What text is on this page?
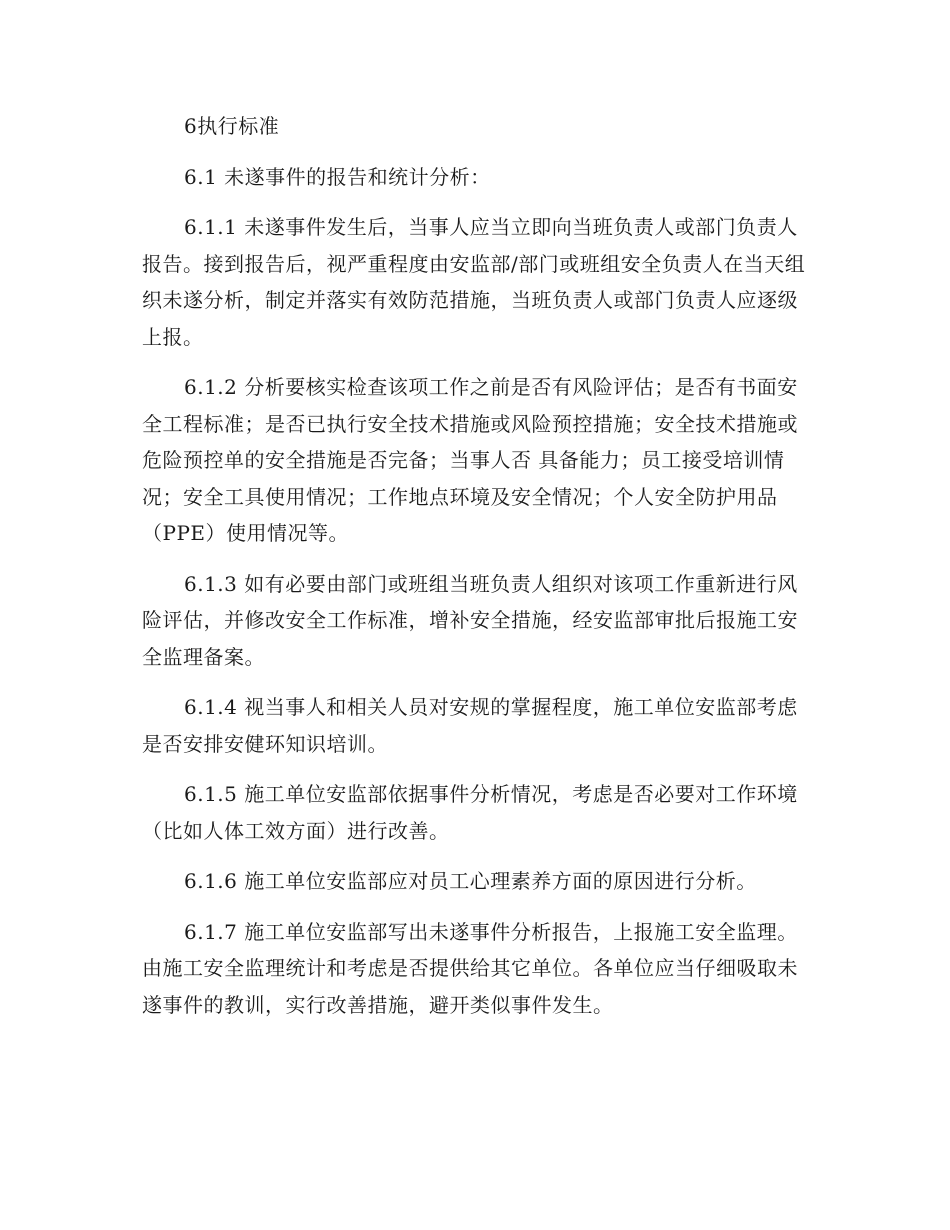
6执行标准

6.1 未遂事件的报告和统计分析：

6.1.1 未遂事件发生后，当事人应当立即向当班负责人或部门负责人报告。接到报告后，视严重程度由安监部/部门或班组安全负责人在当天组织未遂分析，制定并落实有效防范措施，当班负责人或部门负责人应逐级上报。

6.1.2 分析要核实检查该项工作之前是否有风险评估；是否有书面安全工程标准；是否已执行安全技术措施或风险预控措施；安全技术措施或危险预控单的安全措施是否完备；当事人否 具备能力；员工接受培训情况；安全工具使用情况；工作地点环境及安全情况；个人安全防护用品（PPE）使用情况等。

6.1.3 如有必要由部门或班组当班负责人组织对该项工作重新进行风险评估，并修改安全工作标准，增补安全措施，经安监部审批后报施工安全监理备案。

6.1.4 视当事人和相关人员对安规的掌握程度，施工单位安监部考虑是否安排安健环知识培训。

6.1.5 施工单位安监部依据事件分析情况，考虑是否必要对工作环境（比如人体工效方面）进行改善。

6.1.6 施工单位安监部应对员工心理素养方面的原因进行分析。

6.1.7 施工单位安监部写出未遂事件分析报告，上报施工安全监理。由施工安全监理统计和考虑是否提供给其它单位。各单位应当仔细吸取未遂事件的教训，实行改善措施，避开类似事件发生。
